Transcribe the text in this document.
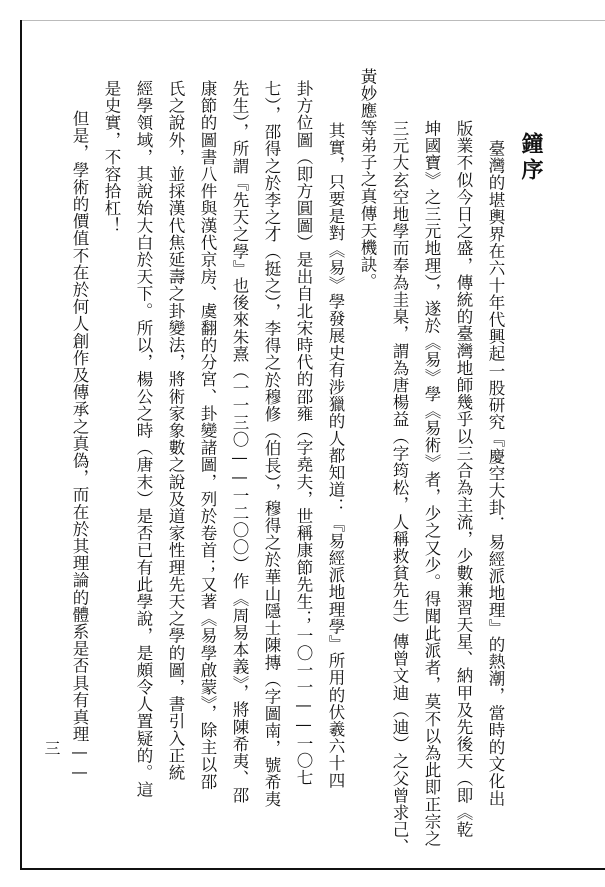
鐘序
臺灣的堪輿界在六十年代興起一股研究『慶空大卦．易經派地理』的熱潮，當時的文化出
版業不似今日之盛，傳統的臺灣地師幾乎以三合為主流，少數兼習天星、納甲及先後天（即《乾
坤國寶》之三元地理），遂於《易》學《易術》者，少之又少。得聞此派者，莫不以為此即正宗之
三元大玄空地學而奉為圭臬，謂為唐楊益（字筠松，人稱救貧先生）傳曾文迪（迪）之父曾求己、
黃妙應等弟子之真傳天機訣。
其實，只要是對《易》學發展史有涉獵的人都知道：『易經派地理學』所用的伏羲六十四
卦方位圖（即方圓圖）是出自北宋時代的邵雍（字堯夫，世稱康節先生；一〇一一——一〇七
七），邵得之於李之才（挺之），李得之於穆修（伯長），穆得之於華山隱士陳摶（字圖南，號希夷
先生），所謂『先天之學』也後來朱熹（一一三〇——一二〇〇）作《周易本義》，將陳希夷、邵
康節的圖書八件與漢代京房、虞翻的分宮、卦變諸圖，列於卷首；又著《易學啟蒙》，除主以邵
氏之說外，並採漢代焦延壽之卦變法，將術家象數之說及道家性理先天之學的圖，書引入正統
經學領域，其說始大白於天下。所以，楊公之時（唐末）是否已有此學說，是頗令人置疑的。這
是史實，不容拾杠！
但是，學術的價值不在於何人創作及傳承之真偽，而在於其理論的體系是否具有真理——
三
